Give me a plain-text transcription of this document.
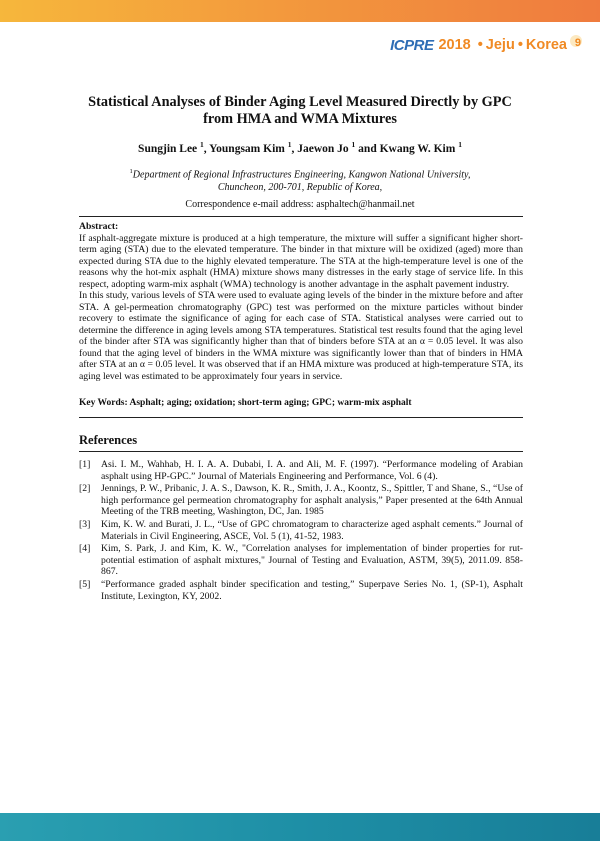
ICPRE 2018 • Jeju • Korea 9
Statistical Analyses of Binder Aging Level Measured Directly by GPC
from HMA and WMA Mixtures
Sungjin Lee $^1$, Youngsam Kim $^1$, Jaewon Jo $^1$ and Kwang W. Kim $^1$
$^1$Department of Regional Infrastructures Engineering, Kangwon National University,
Chuncheon, 200-701, Republic of Korea,
Correspondence e-mail address: asphaltech@hanmail.net
Abstract:

If asphalt-aggregate mixture is produced at a high temperature, the mixture will suffer a significant higher short-term aging (STA) due to the elevated temperature. The binder in that mixture will be oxidized (aged) more than expected during STA due to the highly elevated temperature. The STA at the high-temperature level is one of the reasons why the hot-mix asphalt (HMA) mixture shows many distresses in the early stage of service life. In this respect, adopting warm-mix asphalt (WMA) technology is another advantage in the asphalt pavement industry.

In this study, various levels of STA were used to evaluate aging levels of the binder in the mixture before and after STA. A gel-permeation chromatography (GPC) test was performed on the mixture particles without binder recovery to estimate the significance of aging for each case of STA. Statistical analyses were carried out to determine the difference in aging levels among STA temperatures. Statistical test results found that the aging level of the binder after STA was significantly higher than that of binders before STA at an α = 0.05 level. It was also found that the aging level of binders in the WMA mixture was significantly lower than that of binders in HMA after STA at an α = 0.05 level. It was observed that if an HMA mixture was produced at high-temperature STA, its aging level was estimated to be approximately four years in service.

Key Words: Asphalt; aging; oxidation; short-term aging; GPC; warm-mix asphalt
References
[1]	Asi. I. M., Wahhab, H. I. A. A. Dubabi, I. A. and Ali, M. F. (1997). “Performance modeling of Arabian asphalt using HP-GPC.” Journal of Materials Engineering and Performance, Vol. 6 (4).
[2]	Jennings, P. W., Pribanic, J. A. S., Dawson, K. R., Smith, J. A., Koontz, S., Spittler, T and Shane, S., “Use of high performance gel permeation chromatography for asphalt analysis,” Paper presented at the 64th Annual Meeting of the TRB meeting, Washington, DC, Jan. 1985
[3]	Kim, K. W. and Burati, J. L., “Use of GPC chromatogram to characterize aged asphalt cements.” Journal of Materials in Civil Engineering, ASCE, Vol. 5 (1), 41-52, 1983.
[4]	Kim, S. Park, J. and Kim, K. W., "Correlation analyses for implementation of binder properties for rut-potential estimation of asphalt mixtures," Journal of Testing and Evaluation, ASTM, 39(5), 2011.09. 858-867.
[5]	“Performance graded asphalt binder specification and testing,” Superpave Series No. 1, (SP-1), Asphalt Institute, Lexington, KY, 2002.
